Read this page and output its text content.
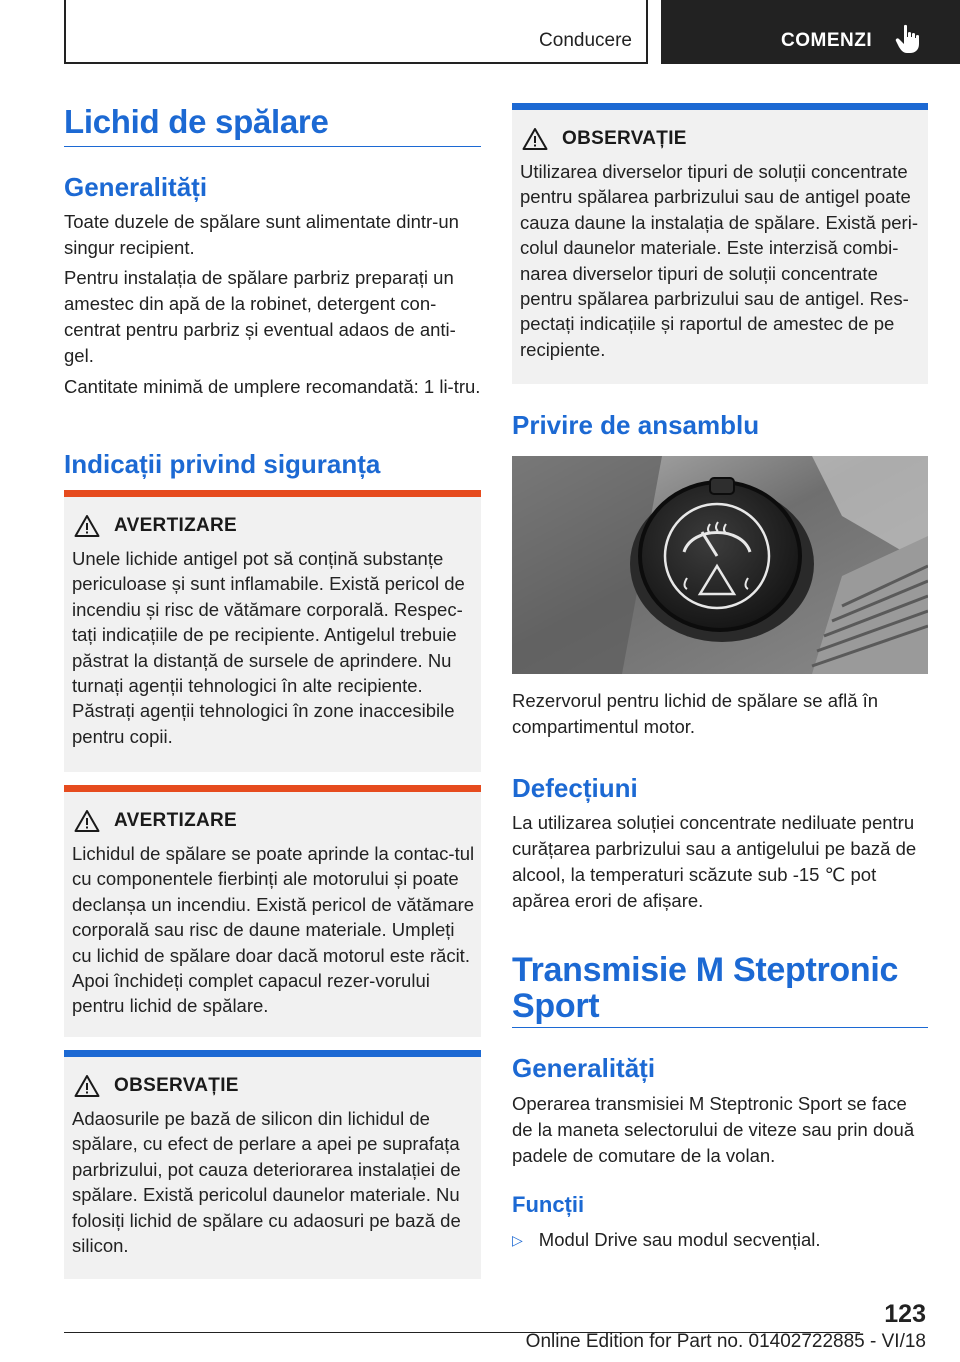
Conducere	COMENZI
Lichid de spălare
Generalități

Toate duzele de spălare sunt alimentate dintr-un singur recipient.

Pentru instalația de spălare parbriz preparați un amestec din apă de la robinet, detergent con-centrat pentru parbriz și eventual adaos de anti-gel.

Cantitate minimă de umplere recomandată: 1 li-tru.

Indicații privind siguranța
AVERTIZARE
Unele lichide antigel pot să conțină substanțe periculoase și sunt inflamabile. Există pericol de incendiu și risc de vătămare corporală. Respec-tați indicațiile de pe recipiente. Antigelul trebuie păstrat la distanță de sursele de aprindere. Nu turnați agenții tehnologici în alte recipiente. Păstrați agenții tehnologici în zone inaccesibile pentru copii.
AVERTIZARE
Lichidul de spălare se poate aprinde la contac-tul cu componentele fierbinți ale motorului și poate declanșa un incendiu. Există pericol de vătămare corporală sau risc de daune materiale. Umpleți cu lichid de spălare doar dacă motorul este răcit. Apoi închideți complet capacul rezer-vorului pentru lichid de spălare.
OBSERVAȚIE
Adaosurile pe bază de silicon din lichidul de spălare, cu efect de perlare a apei pe suprafața parbrizului, pot cauza deteriorarea instalației de spălare. Există pericolul daunelor materiale. Nu folosiți lichid de spălare cu adaosuri pe bază de silicon.
OBSERVAȚIE
Utilizarea diverselor tipuri de soluții concentrate pentru spălarea parbrizului sau de antigel poate cauza daune la instalația de spălare. Există peri-colul daunelor materiale. Este interzisă combi-narea diverselor tipuri de soluții concentrate pentru spălarea parbrizului sau de antigel. Res-pectați indicațiile și raportul de amestec de pe recipiente.
Privire de ansamblu

Rezervorul pentru lichid de spălare se află în compartimentul motor.

Defecțiuni

La utilizarea soluției concentrate nediluate pentru curățarea parbrizului sau a antigelului pe bază de alcool, la temperaturi scăzute sub -15 ℃ pot apărea erori de afișare.

Transmisie M Steptronic
Sport
Generalități

Operarea transmisiei M Steptronic Sport se face de la maneta selectorului de viteze sau prin două padele de comutare de la volan.

Funcții
▷ Modul Drive sau modul secvențial.
123
Online Edition for Part no. 01402722885 - VI/18
